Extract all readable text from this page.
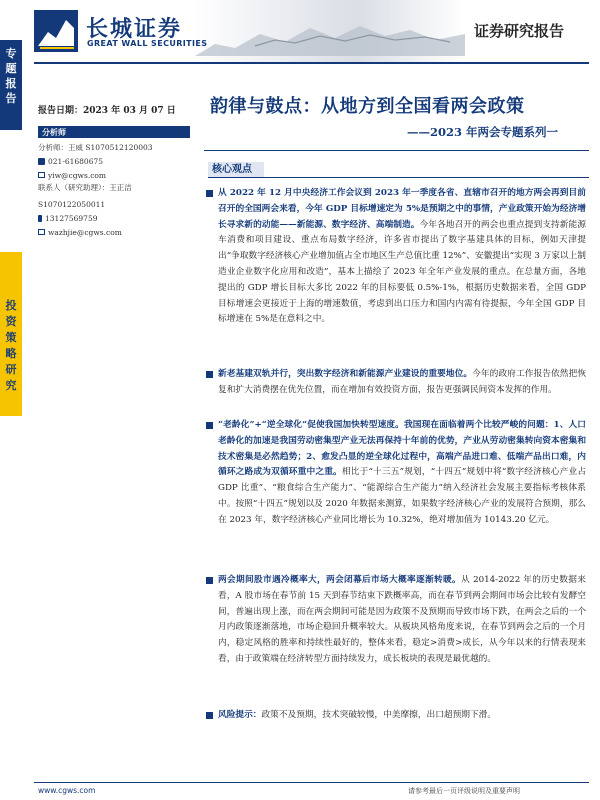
长城证券
GREAT WALL SECURITIES
证券研究报告
专题报告
投资策略研究
报告日期：2023 年 03 月 07 日
分析师
分析师：王威 S1070512120003
021-61680675
yiw@cgws.com
联系人（研究助理）：王正洁
S1070122050011
13127569759
wazhjie@cgws.com
韵律与鼓点：从地方到全国看两会政策
——2023 年两会专题系列一
核心观点
从 2022 年 12 月中央经济工作会议到 2023 年一季度各省、直辖市召开的地方两会再到目前召开的全国两会来看，今年 GDP 目标增速定为 5%是预期之中的事情，产业政策开始为经济增长寻求新的动能——新能源、数字经济、高端制造。今年各地召开的两会也重点提到支持新能源车消费和项目建设、重点布局数字经济，许多省市提出了数字基建具体的目标，例如天津提出“争取数字经济核心产业增加值占全市地区生产总值比重 12%”、安徽提出“实现 3 万家以上制造业企业数字化应用和改造”，基本上描绘了 2023 年全年产业发展的重点。在总量方面，各地提出的 GDP 增长目标大多比 2022 年的目标要低 0.5%-1%，根据历史数据来看，全国 GDP 目标增速会更接近于上海的增速数值，考虑到出口压力和国内内需有待提振，今年全国 GDP 目标增速在 5%是在意料之中。
新老基建双轨并行，突出数字经济和新能源产业建设的重要地位。今年的政府工作报告依然把恢复和扩大消费摆在优先位置，而在增加有效投资方面，报告更强调民间资本发挥的作用。
“老龄化”+“逆全球化”促使我国加快转型速度。我国现在面临着两个比较严峻的问题：1、人口老龄化的加速是我国劳动密集型产业无法再保持十年前的优势，产业从劳动密集转向资本密集和技术密集是必然趋势；2、愈发凸显的逆全球化过程中，高端产品进口难、低端产品出口难，内循环之路成为双循环重中之重。相比于“十三五”规划，“十四五”规划中将“数字经济核心产业占 GDP 比重”、“粮食综合生产能力”、“能源综合生产能力”纳入经济社会发展主要指标考核体系中。按照“十四五”规划以及 2020 年数据来测算，如果数字经济核心产业的发展符合预期，那么在 2023 年，数字经济核心产业同比增长为 10.32%，绝对增加值为 10143.20 亿元。
两会期间股市遇冷概率大，两会闭幕后市场大概率逐渐转暖。从 2014-2022 年的历史数据来看，A 股市场在春节前 15 天到春节结束下跌概率高，而在春节到两会期间市场会比较有发酵空间，普遍出现上涨，而在两会期间可能是因为政策不及预期而导致市场下跌，在两会之后的一个月内政策逐渐落地，市场企稳回升概率较大。从板块风格角度来说，在春节到两会之后的一个月内，稳定风格的胜率和持续性最好的，整体来看，稳定>消费>成长，从今年以来的行情表现来看，由于政策端在经济转型方面持续发力，成长板块的表现是最优越的。
风险提示：政策不及预期，技术突破较慢，中美摩擦，出口超预期下滑。
www.cgws.com	请参考最后一页评级说明及重要声明
